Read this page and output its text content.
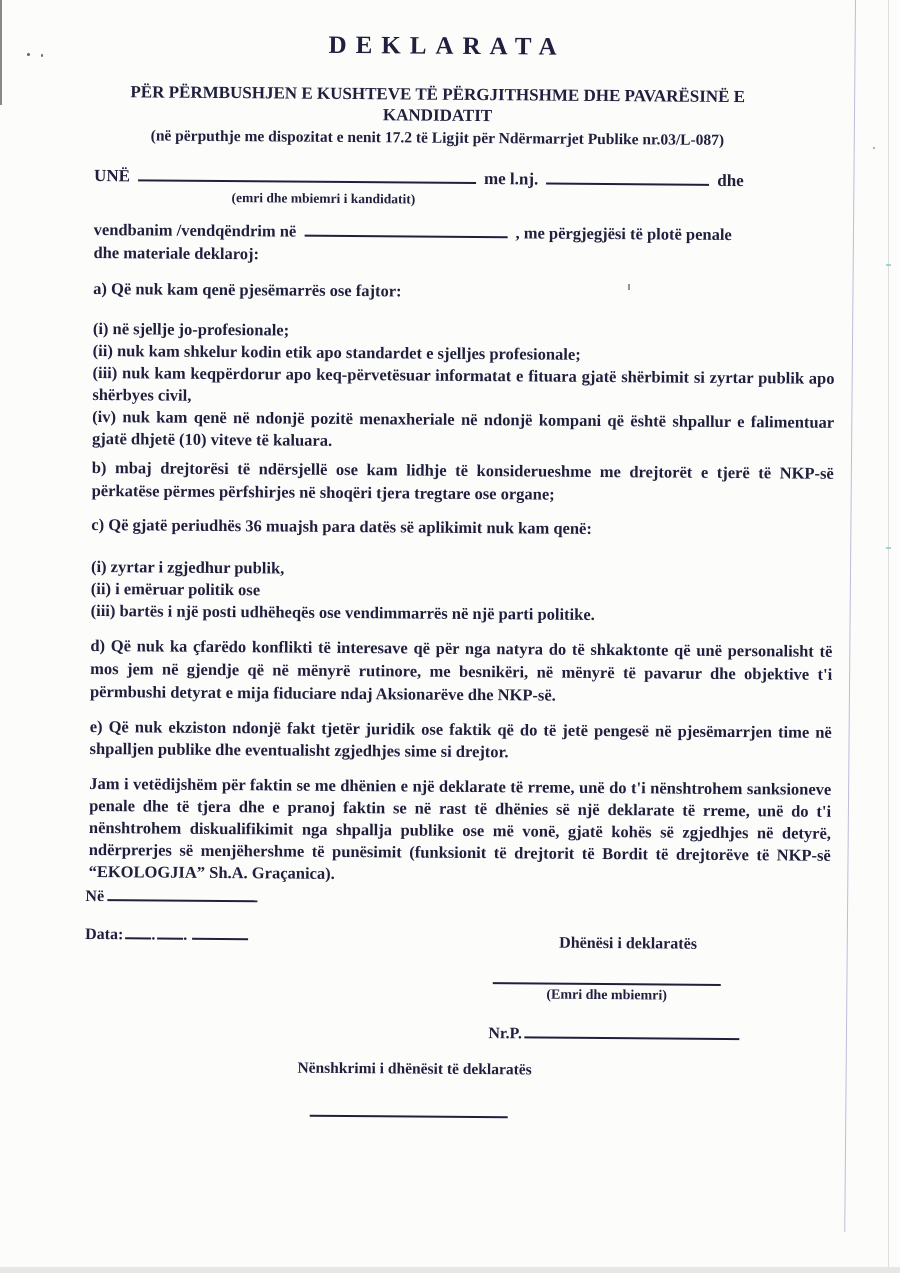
DEKLARATA
PËR PËRMBUSHJEN E KUSHTEVE TË PËRGJITHSHME DHE PAVARËSINË E
KANDIDATIT
(në përputhje me dispozitat e nenit 17.2 të Ligjit për Ndërmarrjet Publike nr.03/L-087)
UNË	me l.nj.	dhe
(emri dhe mbiemri i kandidatit)
vendbanim /vendqëndrim në	, me përgjegjësi të plotë penale
dhe materiale deklaroj:
a) Që nuk kam qenë pjesëmarrës ose fajtor:
(i) në sjellje jo-profesionale;
(ii) nuk kam shkelur kodin etik apo standardet e sjelljes profesionale;
(iii) nuk kam keqpërdorur apo keq-përvetësuar informatat e fituara gjatë shërbimit si zyrtar publik apo shërbyes civil,
(iv) nuk kam qenë në ndonjë pozitë menaxheriale në ndonjë kompani që është shpallur e falimentuar gjatë dhjetë (10) viteve të kaluara.
b) mbaj drejtorësi të ndërsjellë ose kam lidhje të konsiderueshme me drejtorët e tjerë të NKP-së përkatëse përmes përfshirjes në shoqëri tjera tregtare ose organe;
c) Që gjatë periudhës 36 muajsh para datës së aplikimit nuk kam qenë:
(i) zyrtar i zgjedhur publik,
(ii) i emëruar politik ose
(iii) bartës i një posti udhëheqës ose vendimmarrës në një parti politike.
d) Që nuk ka çfarëdo konflikti të interesave që për nga natyra do të shkaktonte që unë personalisht të mos jem në gjendje që në mënyrë rutinore, me besnikëri, në mënyrë të pavarur dhe objektive t'i përmbushi detyrat e mija fiduciare ndaj Aksionarëve dhe NKP-së.
e) Që nuk ekziston ndonjë fakt tjetër juridik ose faktik që do të jetë pengesë në pjesëmarrjen time në shpalljen publike dhe eventualisht zgjedhjes sime si drejtor.
Jam i vetëdijshëm për faktin se me dhënien e një deklarate të rreme, unë do t'i nënshtrohem sanksioneve penale dhe të tjera dhe e pranoj faktin se në rast të dhënies së një deklarate të rreme, unë do t'i nënshtrohem diskualifikimit nga shpallja publike ose më vonë, gjatë kohës së zgjedhjes në detyrë, ndërprerjes së menjëhershme të punësimit (funksionit të drejtorit të Bordit të drejtorëve të NKP-së “EKOLOGJIA” Sh.A. Graçanica).
Në
Data: . .	Dhënësi i deklaratës
(Emri dhe mbiemri)
Nr.P.
Nënshkrimi i dhënësit të deklaratës
